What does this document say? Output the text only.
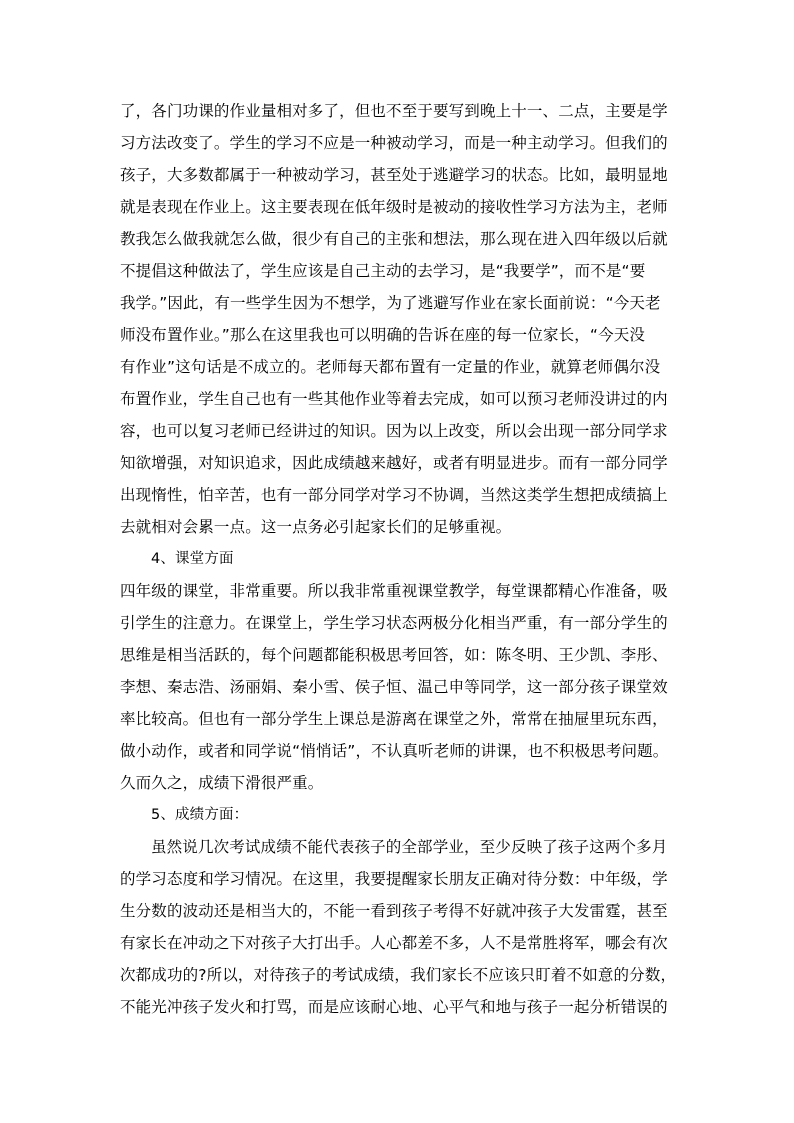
了，各门功课的作业量相对多了，但也不至于要写到晚上十一、二点，主要是学
习方法改变了。学生的学习不应是一种被动学习，而是一种主动学习。但我们的
孩子，大多数都属于一种被动学习，甚至处于逃避学习的状态。比如，最明显地
就是表现在作业上。这主要表现在低年级时是被动的接收性学习方法为主，老师
教我怎么做我就怎么做，很少有自己的主张和想法，那么现在进入四年级以后就
不提倡这种做法了，学生应该是自己主动的去学习，是“我要学”，而不是“要
我学。”因此，有一些学生因为不想学，为了逃避写作业在家长面前说：“今天老
师没布置作业。”那么在这里我也可以明确的告诉在座的每一位家长，“今天没
有作业”这句话是不成立的。老师每天都布置有一定量的作业，就算老师偶尔没
布置作业，学生自己也有一些其他作业等着去完成，如可以预习老师没讲过的内
容，也可以复习老师已经讲过的知识。因为以上改变，所以会出现一部分同学求
知欲增强，对知识追求，因此成绩越来越好，或者有明显进步。而有一部分同学
出现惰性，怕辛苦，也有一部分同学对学习不协调，当然这类学生想把成绩搞上
去就相对会累一点。这一点务必引起家长们的足够重视。
4、课堂方面
四年级的课堂，非常重要。所以我非常重视课堂教学，每堂课都精心作准备，吸
引学生的注意力。在课堂上，学生学习状态两极分化相当严重，有一部分学生的
思维是相当活跃的，每个问题都能积极思考回答，如：陈冬明、王少凯、李彤、
李想、秦志浩、汤丽娟、秦小雪、侯子恒、温己申等同学，这一部分孩子课堂效
率比较高。但也有一部分学生上课总是游离在课堂之外，常常在抽屉里玩东西，
做小动作，或者和同学说“悄悄话”，不认真听老师的讲课，也不积极思考问题。
久而久之，成绩下滑很严重。
5、成绩方面：
虽然说几次考试成绩不能代表孩子的全部学业，至少反映了孩子这两个多月
的学习态度和学习情况。在这里，我要提醒家长朋友正确对待分数：中年级，学
生分数的波动还是相当大的，不能一看到孩子考得不好就冲孩子大发雷霆，甚至
有家长在冲动之下对孩子大打出手。人心都差不多，人不是常胜将军，哪会有次
次都成功的?所以，对待孩子的考试成绩，我们家长不应该只盯着不如意的分数，
不能光冲孩子发火和打骂，而是应该耐心地、心平气和地与孩子一起分析错误的
